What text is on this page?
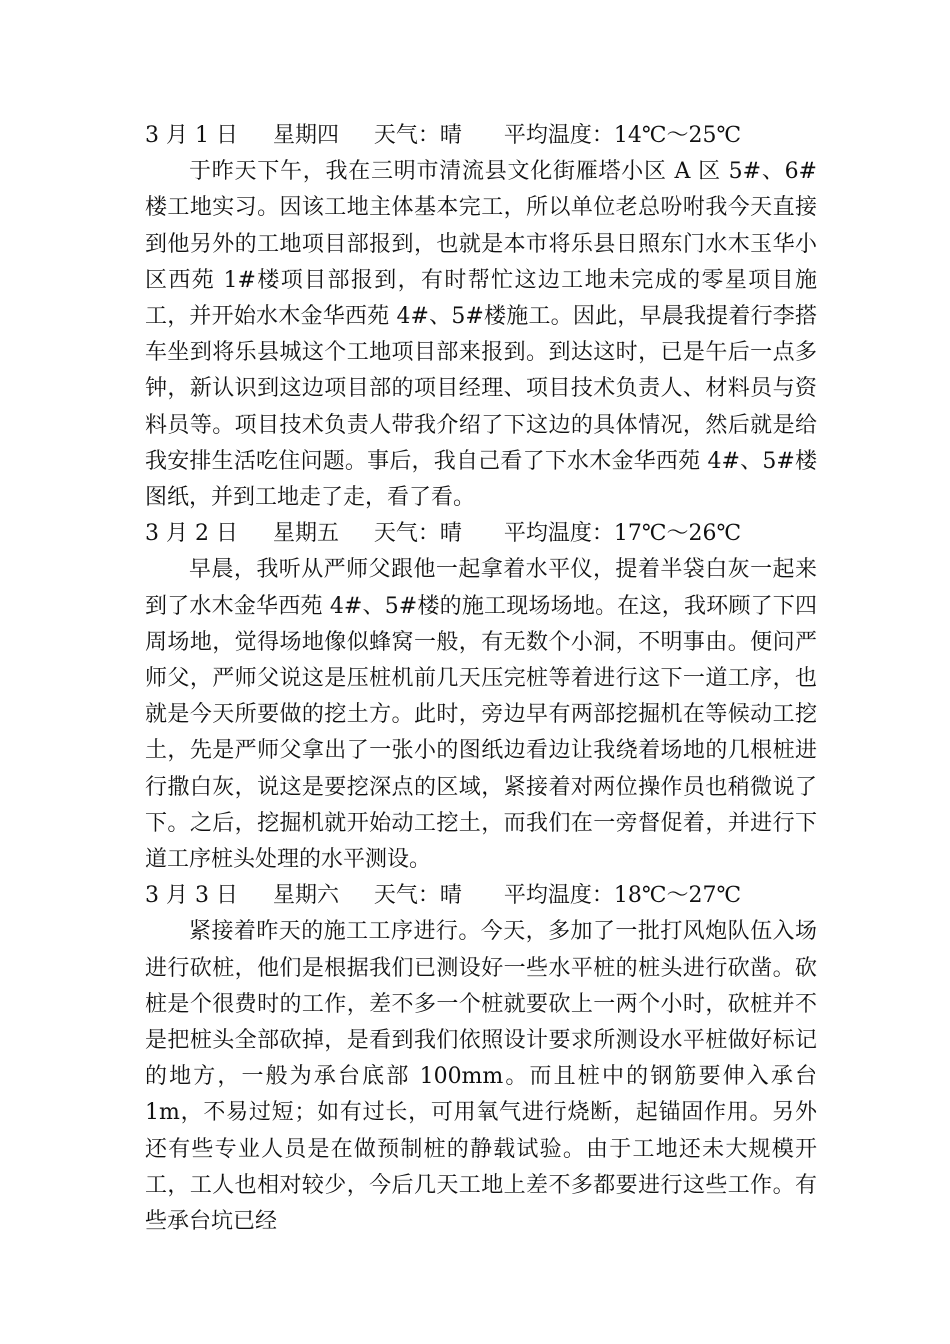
3 月 1 日     星期四     天气：晴      平均温度：14℃～25℃

于昨天下午，我在三明市清流县文化街雁塔小区 A 区 5#、6#楼工地实习。因该工地主体基本完工，所以单位老总吩咐我今天直接到他另外的工地项目部报到，也就是本市将乐县日照东门水木玉华小区西苑 1#楼项目部报到，有时帮忙这边工地未完成的零星项目施工，并开始水木金华西苑 4#、5#楼施工。因此，早晨我提着行李搭车坐到将乐县城这个工地项目部来报到。到达这时，已是午后一点多钟，新认识到这边项目部的项目经理、项目技术负责人、材料员与资料员等。项目技术负责人带我介绍了下这边的具体情况，然后就是给我安排生活吃住问题。事后，我自己看了下水木金华西苑 4#、5#楼图纸，并到工地走了走，看了看。

3 月 2 日     星期五     天气：晴      平均温度：17℃～26℃

早晨，我听从严师父跟他一起拿着水平仪，提着半袋白灰一起来到了水木金华西苑 4#、5#楼的施工现场场地。在这，我环顾了下四周场地，觉得场地像似蜂窝一般，有无数个小洞，不明事由。便问严师父，严师父说这是压桩机前几天压完桩等着进行这下一道工序，也就是今天所要做的挖土方。此时，旁边早有两部挖掘机在等候动工挖土，先是严师父拿出了一张小的图纸边看边让我绕着场地的几根桩进行撒白灰，说这是要挖深点的区域，紧接着对两位操作员也稍微说了下。之后，挖掘机就开始动工挖土，而我们在一旁督促着，并进行下道工序桩头处理的水平测设。

3 月 3 日     星期六     天气：晴      平均温度：18℃～27℃

紧接着昨天的施工工序进行。今天，多加了一批打风炮队伍入场进行砍桩，他们是根据我们已测设好一些水平桩的桩头进行砍凿。砍桩是个很费时的工作，差不多一个桩就要砍上一两个小时，砍桩并不是把桩头全部砍掉，是看到我们依照设计要求所测设水平桩做好标记的地方，一般为承台底部 100mm。而且桩中的钢筋要伸入承台 1m，不易过短；如有过长，可用氧气进行烧断，起锚固作用。另外还有些专业人员是在做预制桩的静载试验。由于工地还未大规模开工，工人也相对较少，今后几天工地上差不多都要进行这些工作。有些承台坑已经
